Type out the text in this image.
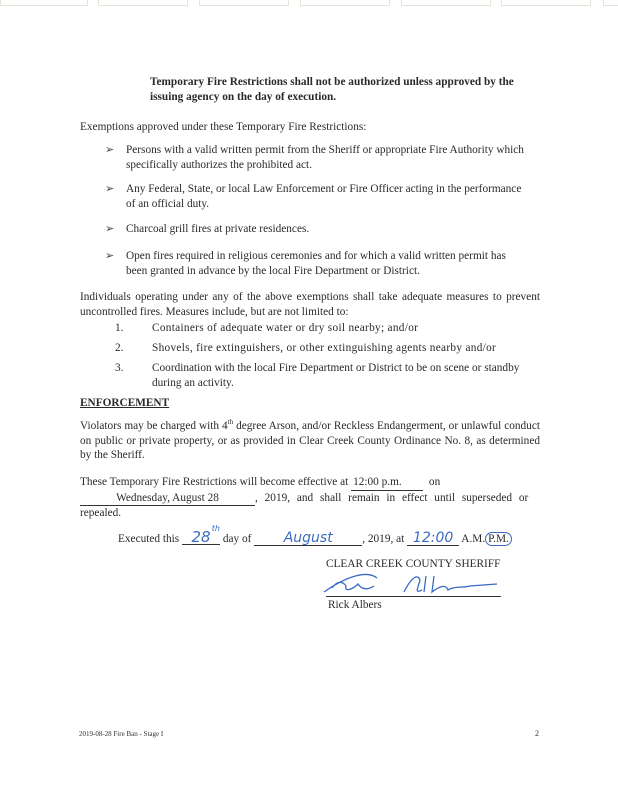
Temporary Fire Restrictions shall not be authorized unless approved by the issuing agency on the day of execution.
Exemptions approved under these Temporary Fire Restrictions:
➢ Persons with a valid written permit from the Sheriff or appropriate Fire Authority which specifically authorizes the prohibited act.
➢ Any Federal, State, or local Law Enforcement or Fire Officer acting in the performance of an official duty.
➢ Charcoal grill fires at private residences.
➢ Open fires required in religious ceremonies and for which a valid written permit has been granted in advance by the local Fire Department or District.
Individuals operating under any of the above exemptions shall take adequate measures to prevent uncontrolled fires. Measures include, but are not limited to:
1.	Containers of adequate water or dry soil nearby; and/or
2.	Shovels, fire extinguishers, or other extinguishing agents nearby and/or
3.	Coordination with the local Fire Department or District to be on scene or standby during an activity.
ENFORCEMENT
Violators may be charged with 4th degree Arson, and/or Reckless Endangerment, or unlawful conduct on public or private property, or as provided in Clear Creek County Ordinance No. 8, as determined by the Sheriff.
These Temporary Fire Restrictions will become effective at 12:00 p.m. on
Wednesday, August 28	, 2019, and shall remain in effect until superseded or
repealed.
Executed this 28 th
day of August	, 2019, at 12:00 A.M. P.M.
CLEAR CREEK COUNTY SHERIFF
Rick Albers
2019-08-28 Fire Ban - Stage I	2
